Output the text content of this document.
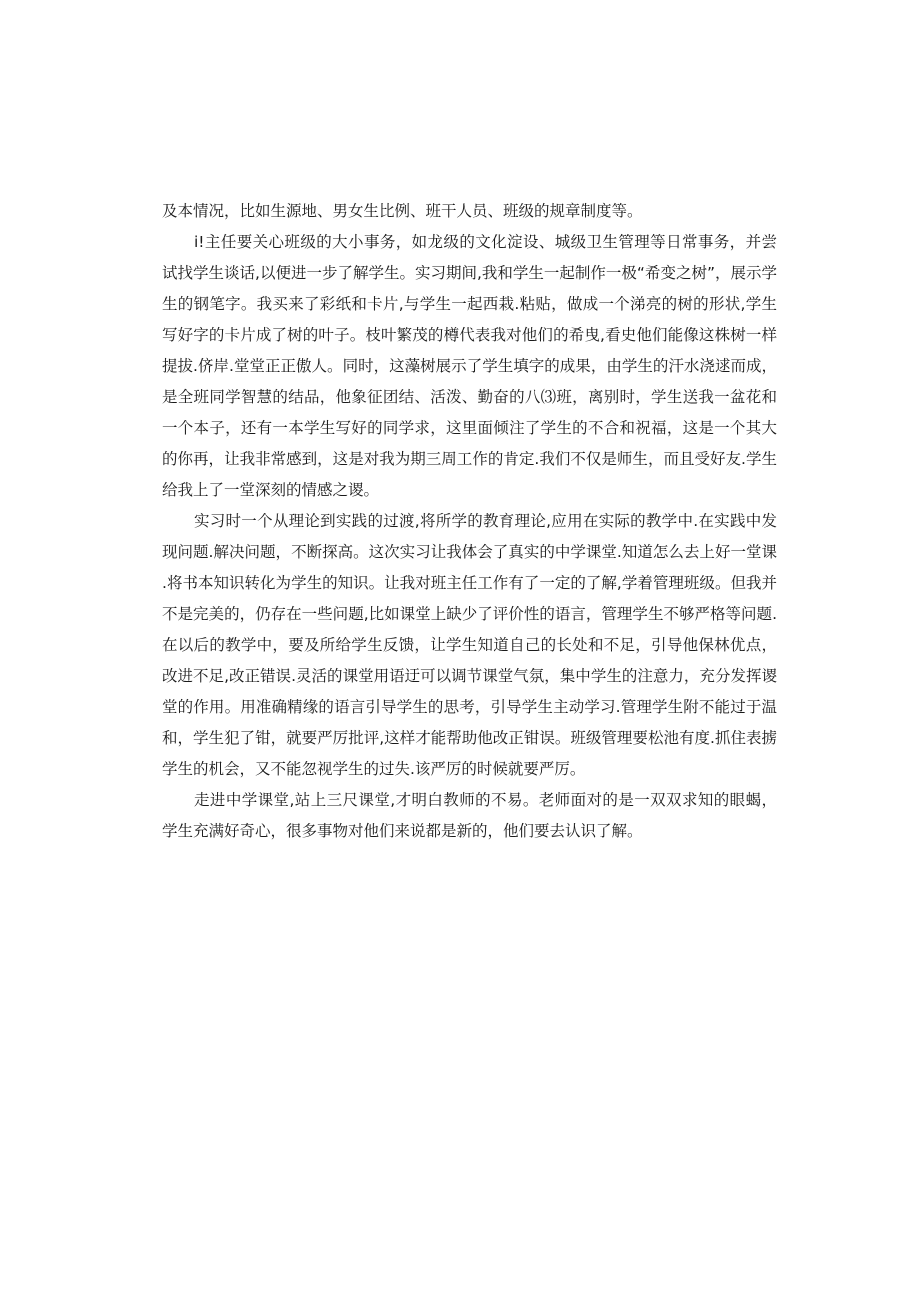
及本情况，比如生源地、男女生比例、班干人员、班级的规章制度等。

i!主任要关心班级的大小事务，如龙级的文化淀设、城级卫生管理等日常事务，并尝试找学生谈话,以便进一步了解学生。实习期间,我和学生一起制作一极“希变之树”，展示学生的钢笔字。我买来了彩纸和卡片,与学生一起西栽.粘贴，做成一个涕亮的树的形状,学生写好字的卡片成了树的叶子。枝叶繁茂的樽代表我对他们的希曳,看史他们能像这株树一样提拔.侪岸.堂堂正正傲人。同时，这藻树展示了学生填字的成果，由学生的汗水浇逑而成，是全班同学智慧的结品，他象征团结、活泼、勤奋的八⑶班，离别时，学生送我一盆花和一个本子，还有一本学生写好的同学求，这里面倾注了学生的不合和祝福，这是一个其大的你再，让我非常感到，这是对我为期三周工作的肯定.我们不仅是师生，而且受好友.学生给我上了一堂深刻的情感之谡。

实习时一个从理论到实践的过渡,将所学的教育理论,应用在实际的教学中.在实践中发现问题.解决问题，不断探高。这次实习让我体会了真实的中学课堂.知道怎么去上好一堂课.将书本知识转化为学生的知识。让我对班主任工作有了一定的了解,学着管理班级。但我并不是完美的，仍存在一些问题,比如课堂上缺少了评价性的语言，管理学生不够严格等问题.在以后的教学中，要及所给学生反馈，让学生知道自己的长处和不足，引导他保林优点，改进不足,改正错误.灵活的课堂用语迂可以调节课堂气氛，集中学生的注意力，充分发挥谡堂的作用。用准确精缘的语言引导学生的思考，引导学生主动学习.管理学生附不能过于温和，学生犯了钳，就要严厉批评,这样才能帮助他改正钳误。班级管理要松池有度.抓住表掳学生的机会，又不能忽视学生的过失.该严厉的时候就要严厉。

走进中学课堂,站上三尺课堂,才明白教师的不易。老师面对的是一双双求知的眼蝎，学生充满好奇心，很多事物对他们来说都是新的，他们要去认识了解。
